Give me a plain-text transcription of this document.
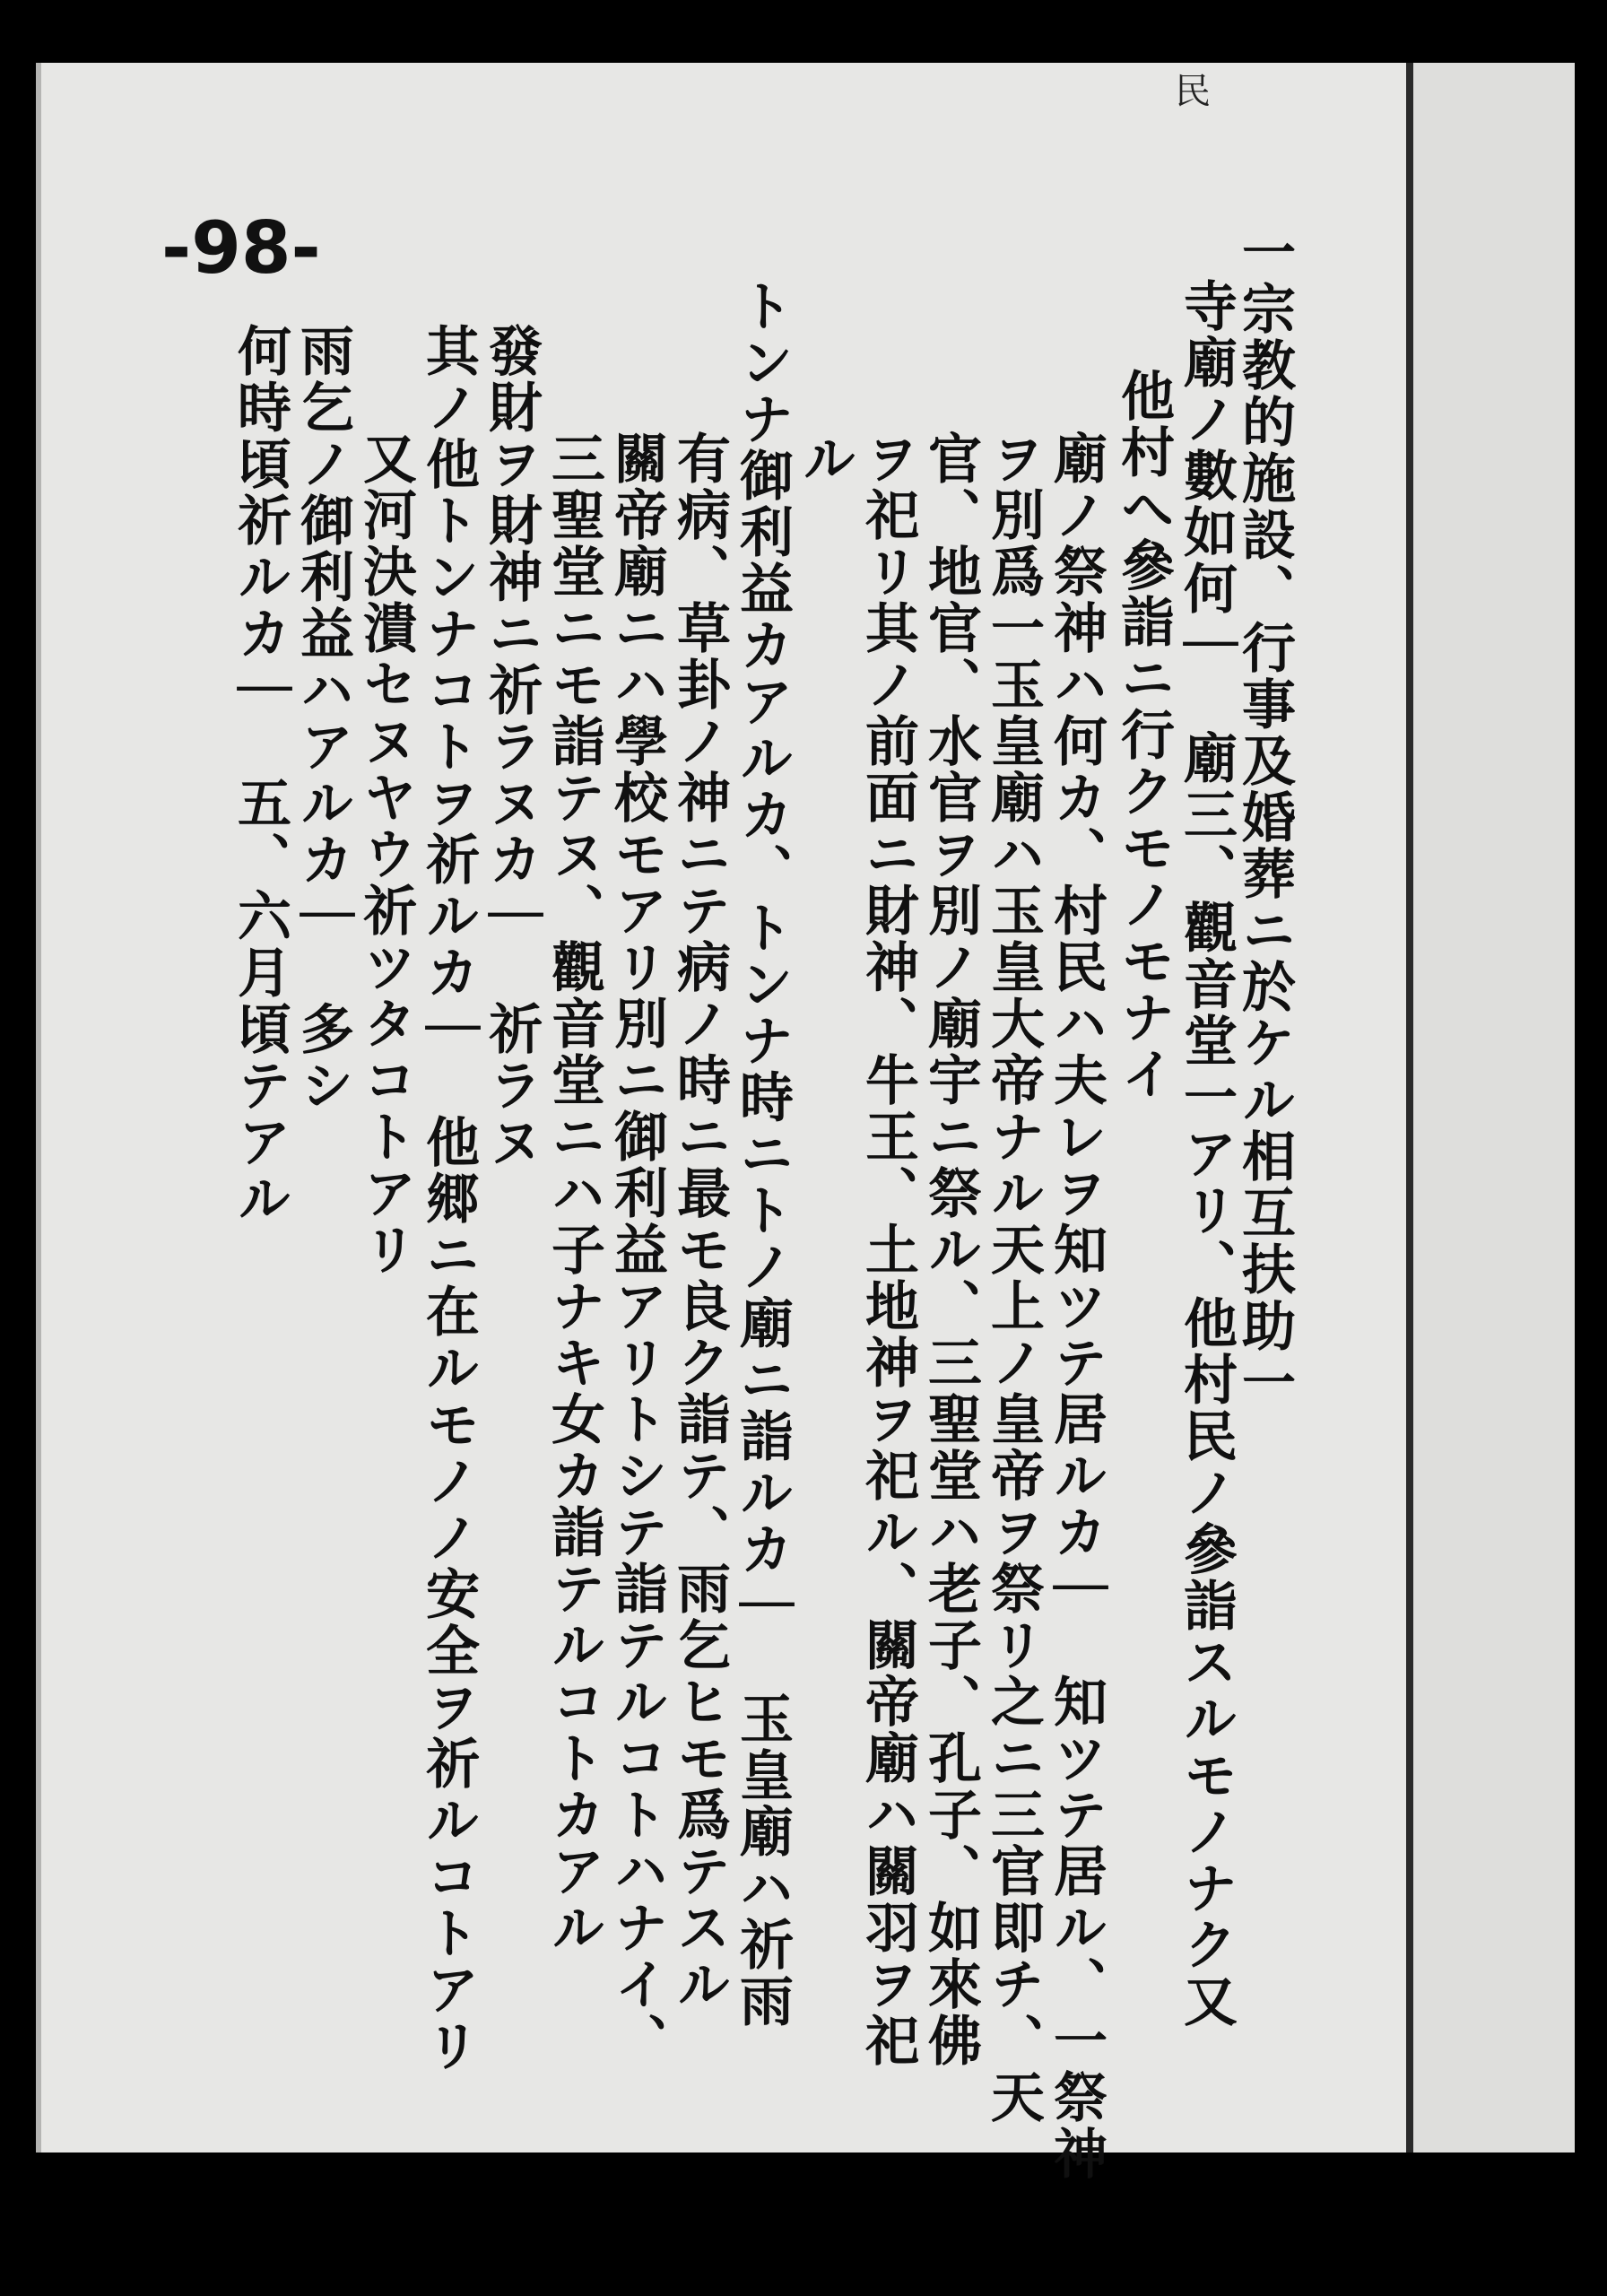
-98-
民
一宗教的施設、行事及婚葬ニ於ケル相互扶助一
寺廟ノ數如何｜　廟三、觀音堂一アリ、他村民ノ參詣スルモノナク又
他村へ參詣ニ行クモノモナイ
廟ノ祭神ハ何カ、村民ハ夫レヲ知ツテ居ルカ｜　知ツテ居ル、一祭神
ヲ別爲一玉皇廟ハ玉皇大帝ナル天上ノ皇帝ヲ祭リ之ニ三官即チ、天
官、地官、水官ヲ別ノ廟宇ニ祭ル、三聖堂ハ老子、孔子、如來佛
ヲ祀リ其ノ前面ニ財神、牛王、土地神ヲ祀ル、關帝廟ハ關羽ヲ祀
ル
トンナ御利益カアルカ、トンナ時ニトノ廟ニ詣ルカ｜　玉皇廟ハ祈雨
有病、草卦ノ神ニテ病ノ時ニ最モ良ク詣テ、雨乞ヒモ爲テスル
關帝廟ニハ學校モアリ別ニ御利益アリトシテ詣テルコトハナイ、
三聖堂ニモ詣テヌ、觀音堂ニハ子ナキ女カ詣テルコトカアル
發財ヲ財神ニ祈ラヌカ｜　祈ラヌ
其ノ他トンナコトヲ祈ルカ｜　他郷ニ在ルモノノ安全ヲ祈ルコトアリ
又河決潰セヌヤウ祈ツタコトアリ
雨乞ノ御利益ハアルカ｜　多シ
何時頃祈ルカ｜　五、六月頃テアル
